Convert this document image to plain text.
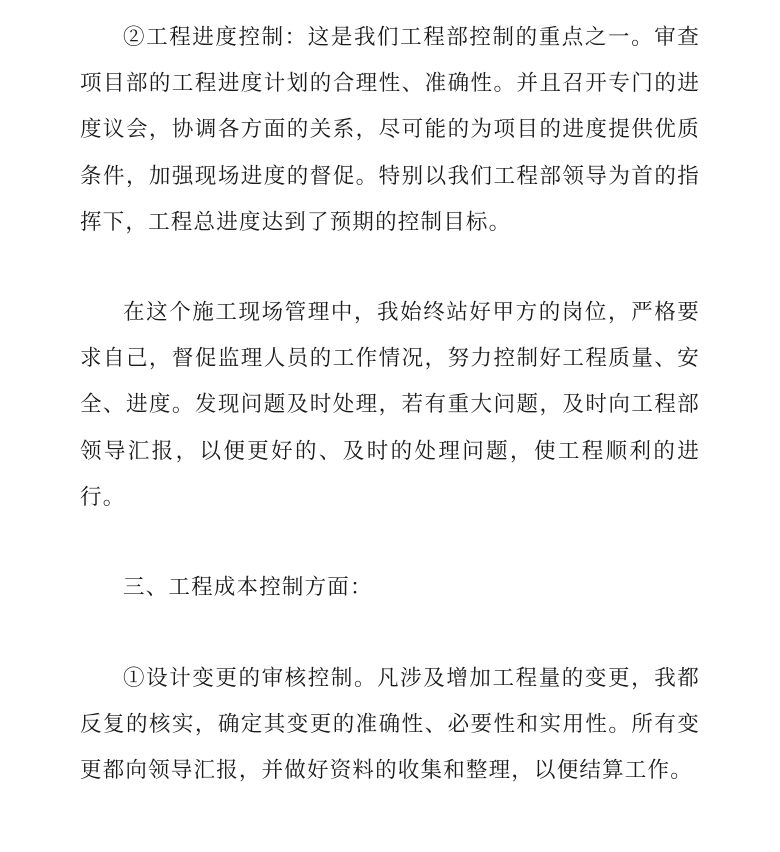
②工程进度控制：这是我们工程部控制的重点之一。审查项目部的工程进度计划的合理性、准确性。并且召开专门的进度议会，协调各方面的关系，尽可能的为项目的进度提供优质条件，加强现场进度的督促。特别以我们工程部领导为首的指挥下，工程总进度达到了预期的控制目标。

在这个施工现场管理中，我始终站好甲方的岗位，严格要求自己，督促监理人员的工作情况，努力控制好工程质量、安全、进度。发现问题及时处理，若有重大问题，及时向工程部领导汇报，以便更好的、及时的处理问题，使工程顺利的进行。

三、工程成本控制方面：

①设计变更的审核控制。凡涉及增加工程量的变更，我都反复的核实，确定其变更的准确性、必要性和实用性。所有变更都向领导汇报，并做好资料的收集和整理，以便结算工作。
